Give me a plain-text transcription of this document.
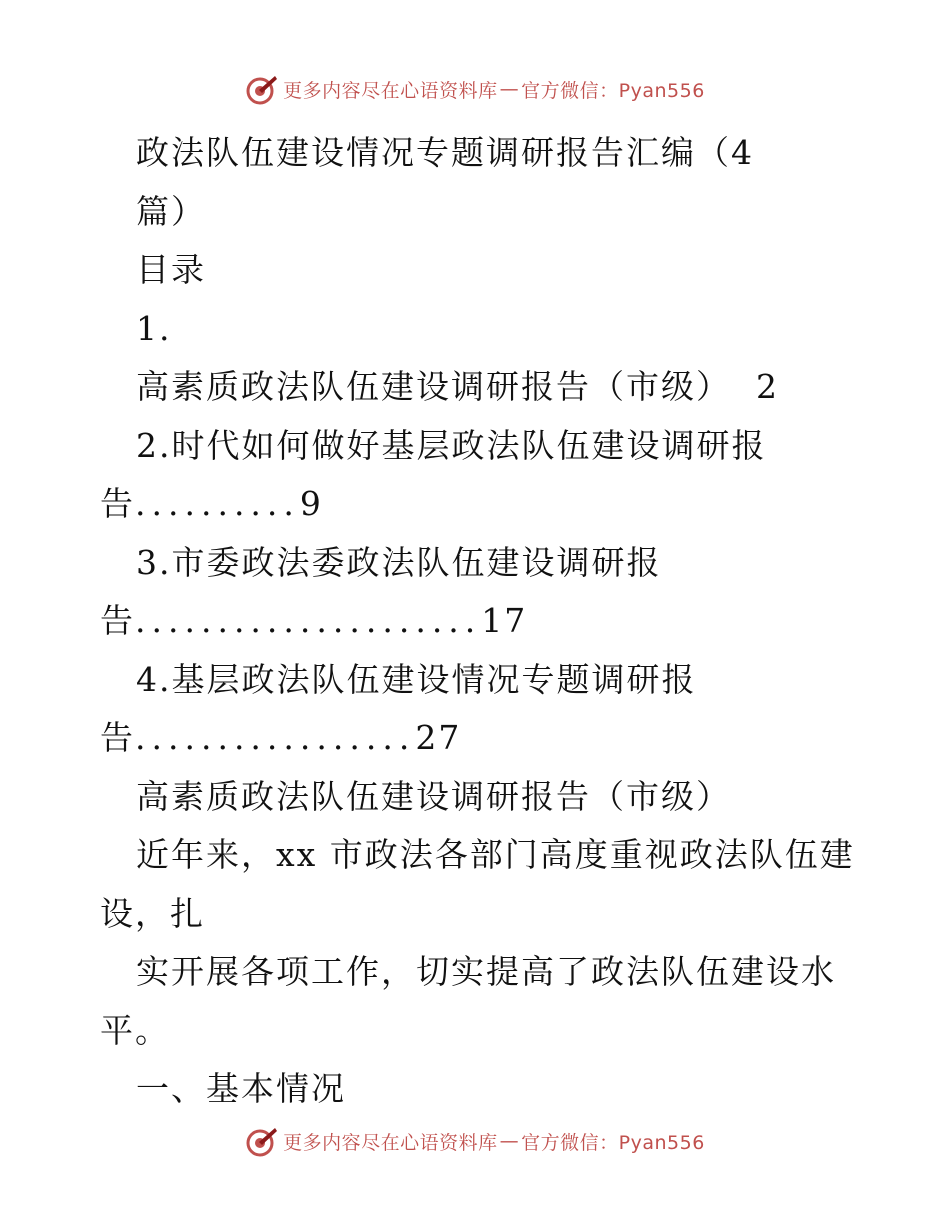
更多内容尽在心语资料库 — 官方微信：Pyan556
政法队伍建设情况专题调研报告汇编（4
篇）
目录
1.
高素质政法队伍建设调研报告（市级） 2
2.时代如何做好基层政法队伍建设调研报
告..........9
3.市委政法委政法队伍建设调研报
告.....................17
4.基层政法队伍建设情况专题调研报
告.................27
高素质政法队伍建设调研报告（市级）
近年来，xx 市政法各部门高度重视政法队伍建
设，扎
实开展各项工作，切实提高了政法队伍建设水
平。
一、基本情况
更多内容尽在心语资料库 — 官方微信：Pyan556
